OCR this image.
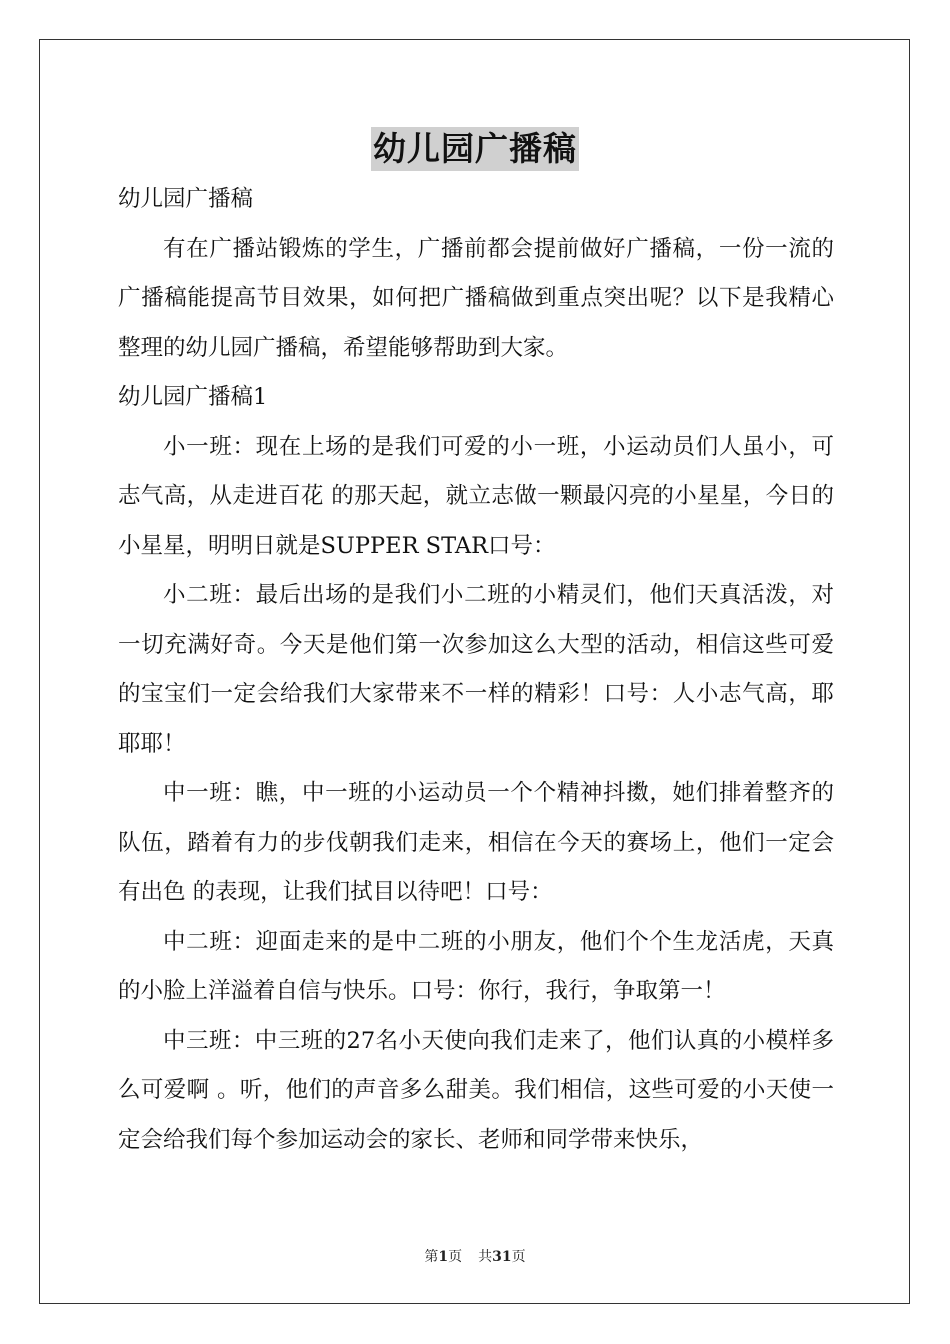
幼儿园广播稿

幼儿园广播稿

有在广播站锻炼的学生，广播前都会提前做好广播稿，一份一流的广播稿能提高节目效果，如何把广播稿做到重点突出呢？以下是我精心整理的幼儿园广播稿，希望能够帮助到大家。

幼儿园广播稿1

小一班：现在上场的是我们可爱的小一班，小运动员们人虽小，可志气高，从走进百花 的那天起，就立志做一颗最闪亮的小星星，今日的小星星，明明日就是SUPPER STAR口号：

小二班：最后出场的是我们小二班的小精灵们，他们天真活泼，对一切充满好奇。今天是他们第一次参加这么大型的活动，相信这些可爱的宝宝们一定会给我们大家带来不一样的精彩！口号：人小志气高，耶耶耶！

中一班：瞧，中一班的小运动员一个个精神抖擞，她们排着整齐的队伍，踏着有力的步伐朝我们走来，相信在今天的赛场上，他们一定会有出色 的表现，让我们拭目以待吧！口号：

中二班：迎面走来的是中二班的小朋友，他们个个生龙活虎，天真的小脸上洋溢着自信与快乐。口号：你行，我行，争取第一！

中三班：中三班的27名小天使向我们走来了，他们认真的小模样多么可爱啊 。听，他们的声音多么甜美。我们相信，这些可爱的小天使一定会给我们每个参加运动会的家长、老师和同学带来快乐，

第1页 共31页
